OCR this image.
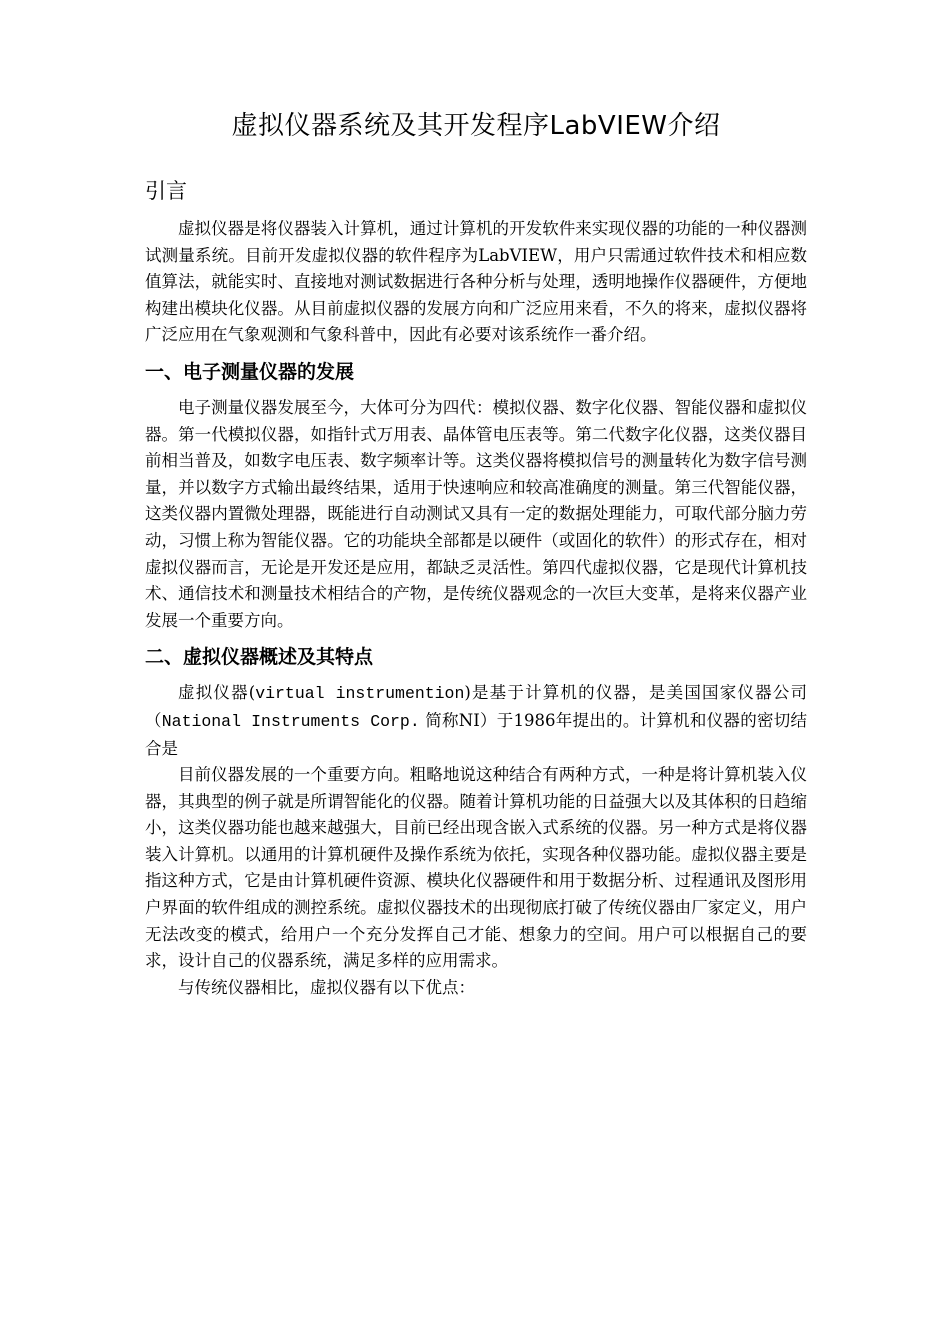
虚拟仪器系统及其开发程序LabVIEW介绍
引言

虚拟仪器是将仪器装入计算机，通过计算机的开发软件来实现仪器的功能的一种仪器测试测量系统。目前开发虚拟仪器的软件程序为LabVIEW，用户只需通过软件技术和相应数值算法，就能实时、直接地对测试数据进行各种分析与处理，透明地操作仪器硬件，方便地构建出模块化仪器。从目前虚拟仪器的发展方向和广泛应用来看，不久的将来，虚拟仪器将广泛应用在气象观测和气象科普中，因此有必要对该系统作一番介绍。

一、电子测量仪器的发展

电子测量仪器发展至今，大体可分为四代：模拟仪器、数字化仪器、智能仪器和虚拟仪器。第一代模拟仪器，如指针式万用表、晶体管电压表等。第二代数字化仪器，这类仪器目前相当普及，如数字电压表、数字频率计等。这类仪器将模拟信号的测量转化为数字信号测量，并以数字方式输出最终结果，适用于快速响应和较高准确度的测量。第三代智能仪器，这类仪器内置微处理器，既能进行自动测试又具有一定的数据处理能力，可取代部分脑力劳动，习惯上称为智能仪器。它的功能块全部都是以硬件（或固化的软件）的形式存在，相对虚拟仪器而言，无论是开发还是应用，都缺乏灵活性。第四代虚拟仪器，它是现代计算机技术、通信技术和测量技术相结合的产物，是传统仪器观念的一次巨大变革，是将来仪器产业发展一个重要方向。

二、虚拟仪器概述及其特点

虚拟仪器(virtual instrumention)是基于计算机的仪器，是美国国家仪器公司（National Instruments Corp. 简称NI）于1986年提出的。计算机和仪器的密切结合是

目前仪器发展的一个重要方向。粗略地说这种结合有两种方式，一种是将计算机装入仪 器，其典型的例子就是所谓智能化的仪器。随着计算机功能的日益强大以及其体积的日趋缩小，这类仪器功能也越来越强大，目前已经出现含嵌入式系统的仪器。另一种方式是将仪器装入计算机。以通用的计算机硬件及操作系统为依托，实现各种仪器功能。虚拟仪器主要是指这种方式，它是由计算机硬件资源、模块化仪器硬件和用于数据分析、过程通讯及图形用户界面的软件组成的测控系统。虚拟仪器技术的出现彻底打破了传统仪器由厂家定义，用户无法改变的模式，给用户一个充分发挥自己才能、想象力的空间。用户可以根据自己的要求，设计自己的仪器系统，满足多样的应用需求。

与传统仪器相比，虚拟仪器有以下优点：
